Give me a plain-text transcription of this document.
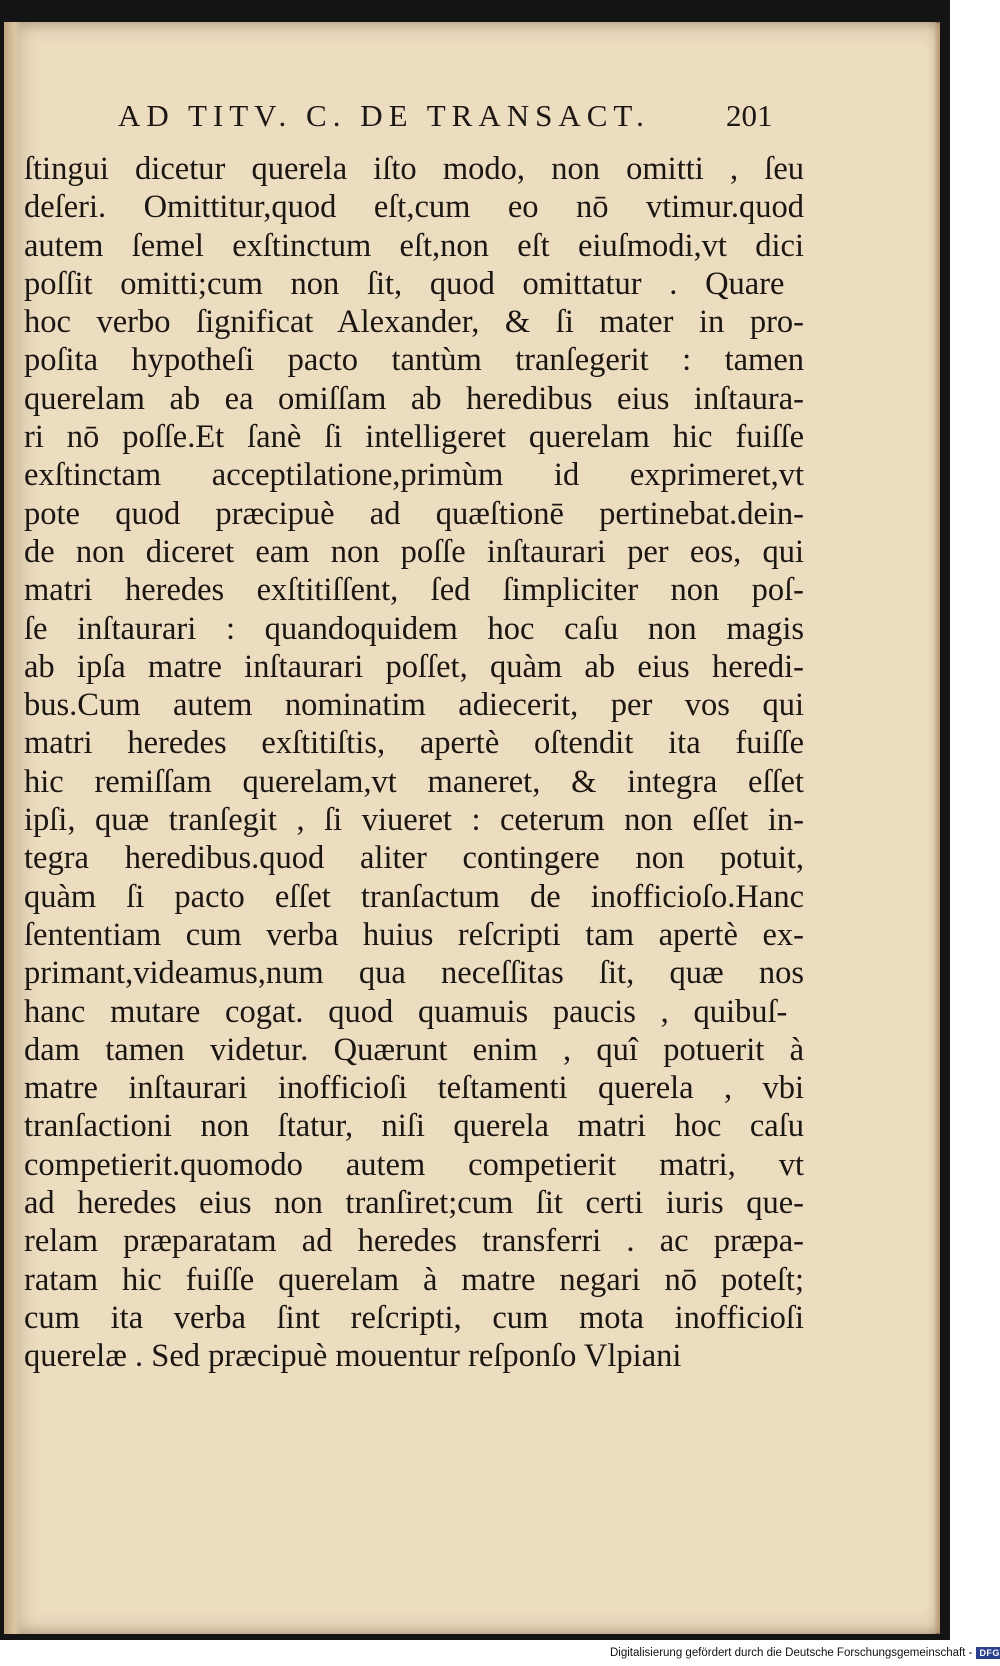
AD TITV. C. DE TRANSACT.	201
ſtingui dicetur querela iſto modo, non omitti , ſeu
deſeri. Omittitur,quod eſt,cum eo nō vtimur.quod
autem ſemel exſtinctum eſt,non eſt eiuſmodi,vt dici
poſſit omitti;cum non ſit, quod omittatur . Quare
hoc verbo ſignificat Alexander, & ſi mater in pro-
poſita hypotheſi pacto tantùm tranſegerit : tamen
querelam ab ea omiſſam ab heredibus eius inſtaura-
ri nō poſſe.Et ſanè ſi intelligeret querelam hic fuiſſe
exſtinctam acceptilatione,primùm id exprimeret,vt
pote quod præcipuè ad quæſtionē pertinebat.dein-
de non diceret eam non poſſe inſtaurari per eos, qui
matri heredes exſtitiſſent, ſed ſimpliciter non poſ-
ſe inſtaurari : quandoquidem hoc caſu non magis
ab ipſa matre inſtaurari poſſet, quàm ab eius heredi-
bus.Cum autem nominatim adiecerit, per vos qui
matri heredes exſtitiſtis, apertè oſtendit ita fuiſſe
hic remiſſam querelam,vt maneret, & integra eſſet
ipſi, quæ tranſegit , ſi viueret : ceterum non eſſet in-
tegra heredibus.quod aliter contingere non potuit,
quàm ſi pacto eſſet tranſactum de inofficioſo.Hanc
ſententiam cum verba huius reſcripti tam apertè ex-
primant,videamus,num qua neceſſitas ſit, quæ nos
hanc mutare cogat. quod quamuis paucis , quibuſ-
dam tamen videtur. Quærunt enim , quî potuerit à
matre inſtaurari inofficioſi teſtamenti querela , vbi
tranſactioni non ſtatur, niſi querela matri hoc caſu
competierit.quomodo autem competierit matri, vt
ad heredes eius non tranſiret;cum ſit certi iuris que-
relam præparatam ad heredes transferri . ac præpa-
ratam hic fuiſſe querelam à matre negari nō poteſt;
cum ita verba ſint reſcripti, cum mota inofficioſi
querelæ . Sed præcipuè mouentur reſponſo Vlpiani
Digitalisierung gefördert durch die Deutsche Forschungsgemeinschaft - DFG
